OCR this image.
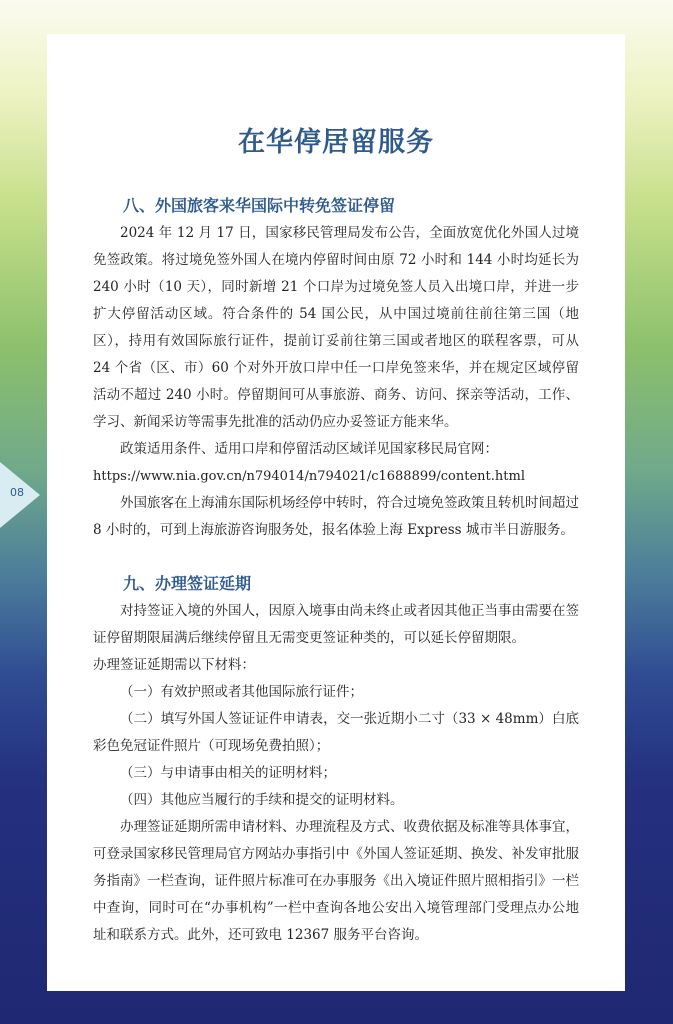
08
在华停居留服务
八、外国旅客来华国际中转免签证停留

2024 年 12 月 17 日，国家移民管理局发布公告，全面放宽优化外国人过境免签政策。将过境免签外国人在境内停留时间由原 72 小时和 144 小时均延长为 240 小时（10 天），同时新增 21 个口岸为过境免签人员入出境口岸，并进一步扩大停留活动区域。符合条件的 54 国公民，从中国过境前往前往第三国（地区），持用有效国际旅行证件，提前订妥前往第三国或者地区的联程客票，可从 24 个省（区、市）60 个对外开放口岸中任一口岸免签来华，并在规定区域停留活动不超过 240 小时。停留期间可从事旅游、商务、访问、探亲等活动，工作、学习、新闻采访等需事先批准的活动仍应办妥签证方能来华。

政策适用条件、适用口岸和停留活动区域详见国家移民局官网：

https://www.nia.gov.cn/n794014/n794021/c1688899/content.html

外国旅客在上海浦东国际机场经停中转时，符合过境免签政策且转机时间超过 8 小时的，可到上海旅游咨询服务处，报名体验上海 Express 城市半日游服务。

九、办理签证延期

对持签证入境的外国人，因原入境事由尚未终止或者因其他正当事由需要在签证停留期限届满后继续停留且无需变更签证种类的，可以延长停留期限。

办理签证延期需以下材料：

（一）有效护照或者其他国际旅行证件；

（二）填写外国人签证证件申请表，交一张近期小二寸（33 × 48mm）白底彩色免冠证件照片（可现场免费拍照）；

（三）与申请事由相关的证明材料；

（四）其他应当履行的手续和提交的证明材料。

办理签证延期所需申请材料、办理流程及方式、收费依据及标准等具体事宜，可登录国家移民管理局官方网站办事指引中《外国人签证延期、换发、补发审批服务指南》一栏查询，证件照片标准可在办事服务《出入境证件照片照相指引》一栏中查询，同时可在“办事机构”一栏中查询各地公安出入境管理部门受理点办公地址和联系方式。此外，还可致电 12367 服务平台咨询。
